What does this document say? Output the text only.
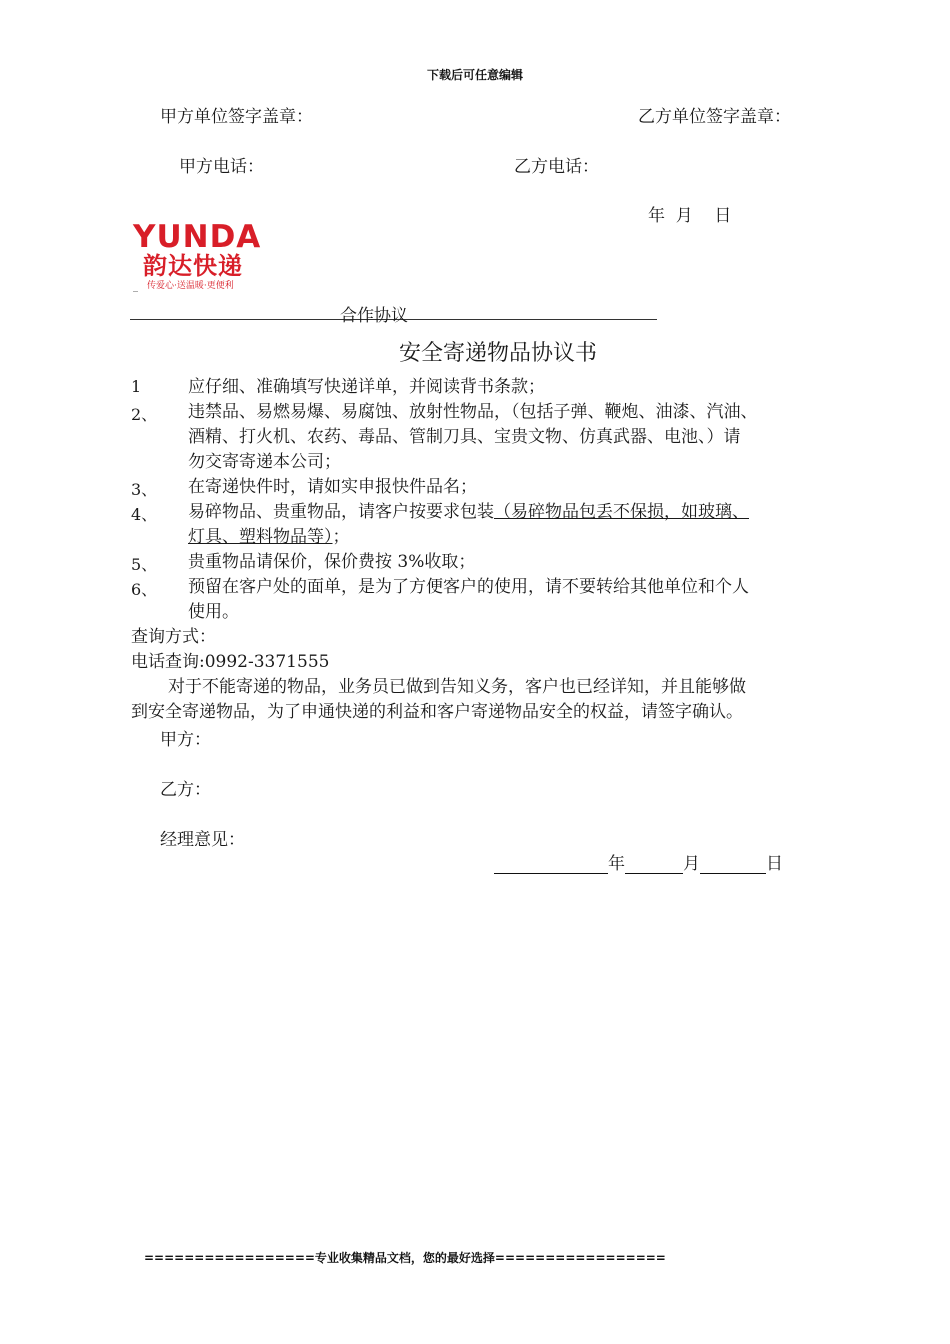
下载后可任意编辑
甲方单位签字盖章：	乙方单位签字盖章：
甲方电话：	乙方电话：
年  月    日
YUNDA
韵达快递
_ 传爱心·送温暖·更便利
合作协议
安全寄递物品协议书
1	应仔细、准确填写快递详单，并阅读背书条款；
2、 违禁品、易燃易爆、易腐蚀、放射性物品，（包括子弹、鞭炮、油漆、汽油、
酒精、打火机、农药、毒品、管制刀具、宝贵文物、仿真武器、电池、）请
勿交寄寄递本公司；
3、 在寄递快件时，请如实申报快件品名；
4、 易碎物品、贵重物品，请客户按要求包装（易碎物品包丢不保损，如玻璃、
灯具、塑料物品等）；
5、 贵重物品请保价，保价费按 3%收取；
6、 预留在客户处的面单，是为了方便客户的使用，请不要转给其他单位和个人
使用。
查询方式：
电话查询:0992-3371555
对于不能寄递的物品，业务员已做到告知义务，客户也已经详知，并且能够做
到安全寄递物品，为了申通快递的利益和客户寄递物品安全的权益，请签字确认。
甲方：
乙方：
经理意见：
年	月	日
=================专业收集精品文档，您的最好选择=================
